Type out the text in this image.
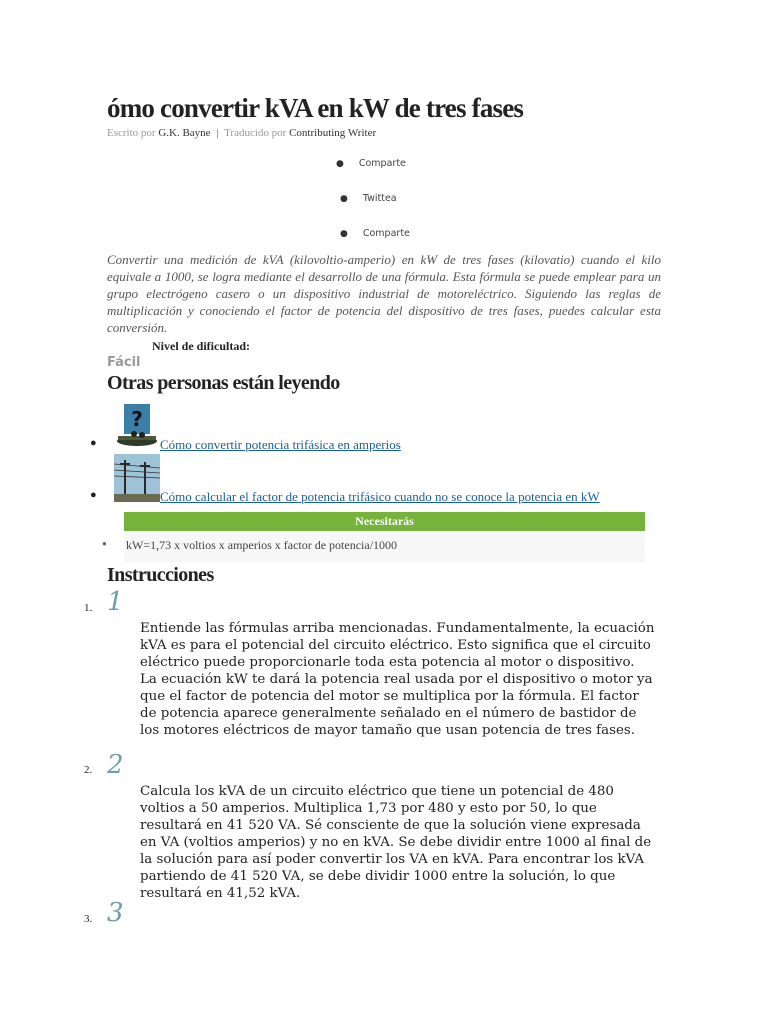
ómo convertir kVA en kW de tres fases
Escrito por G.K. Bayne | Traducido por Contributing Writer
● Comparte
● Twittea
● Comparte

Convertir una medición de kVA (kilovoltio-amperio) en kW de tres fases (kilovatio) cuando el kilo equivale a 1000, se logra mediante el desarrollo de una fórmula. Esta fórmula se puede emplear para un grupo electrógeno casero o un dispositivo industrial de motoreléctrico. Siguiendo las reglas de multiplicación y conociendo el factor de potencia del dispositivo de tres fases, puedes calcular esta conversión.

Nivel de dificultad:
Fácil
Otras personas están leyendo
●
?
Cómo convertir potencia trifásica en amperios
●	Cómo calcular el factor de potencia trifásico cuando no se conoce la potencia en kW
Necesitarás
● kW=1,73 x voltios x amperios x factor de potencia/1000
Instrucciones
1. 1

Entiende las fórmulas arriba mencionadas. Fundamentalmente, la ecuación kVA es para el potencial del circuito eléctrico. Esto significa que el circuito eléctrico puede proporcionarle toda esta potencia al motor o dispositivo. La ecuación kW te dará la potencia real usada por el dispositivo o motor ya que el factor de potencia del motor se multiplica por la fórmula. El factor de potencia aparece generalmente señalado en el número de bastidor de los motores eléctricos de mayor tamaño que usan potencia de tres fases.

2. 2

Calcula los kVA de un circuito eléctrico que tiene un potencial de 480 voltios a 50 amperios. Multiplica 1,73 por 480 y esto por 50, lo que resultará en 41 520 VA. Sé consciente de que la solución viene expresada en VA (voltios amperios) y no en kVA. Se debe dividir entre 1000 al final de la solución para así poder convertir los VA en kVA. Para encontrar los kVA partiendo de 41 520 VA, se debe dividir 1000 entre la solución, lo que resultará en 41,52 kVA.

3. 3
